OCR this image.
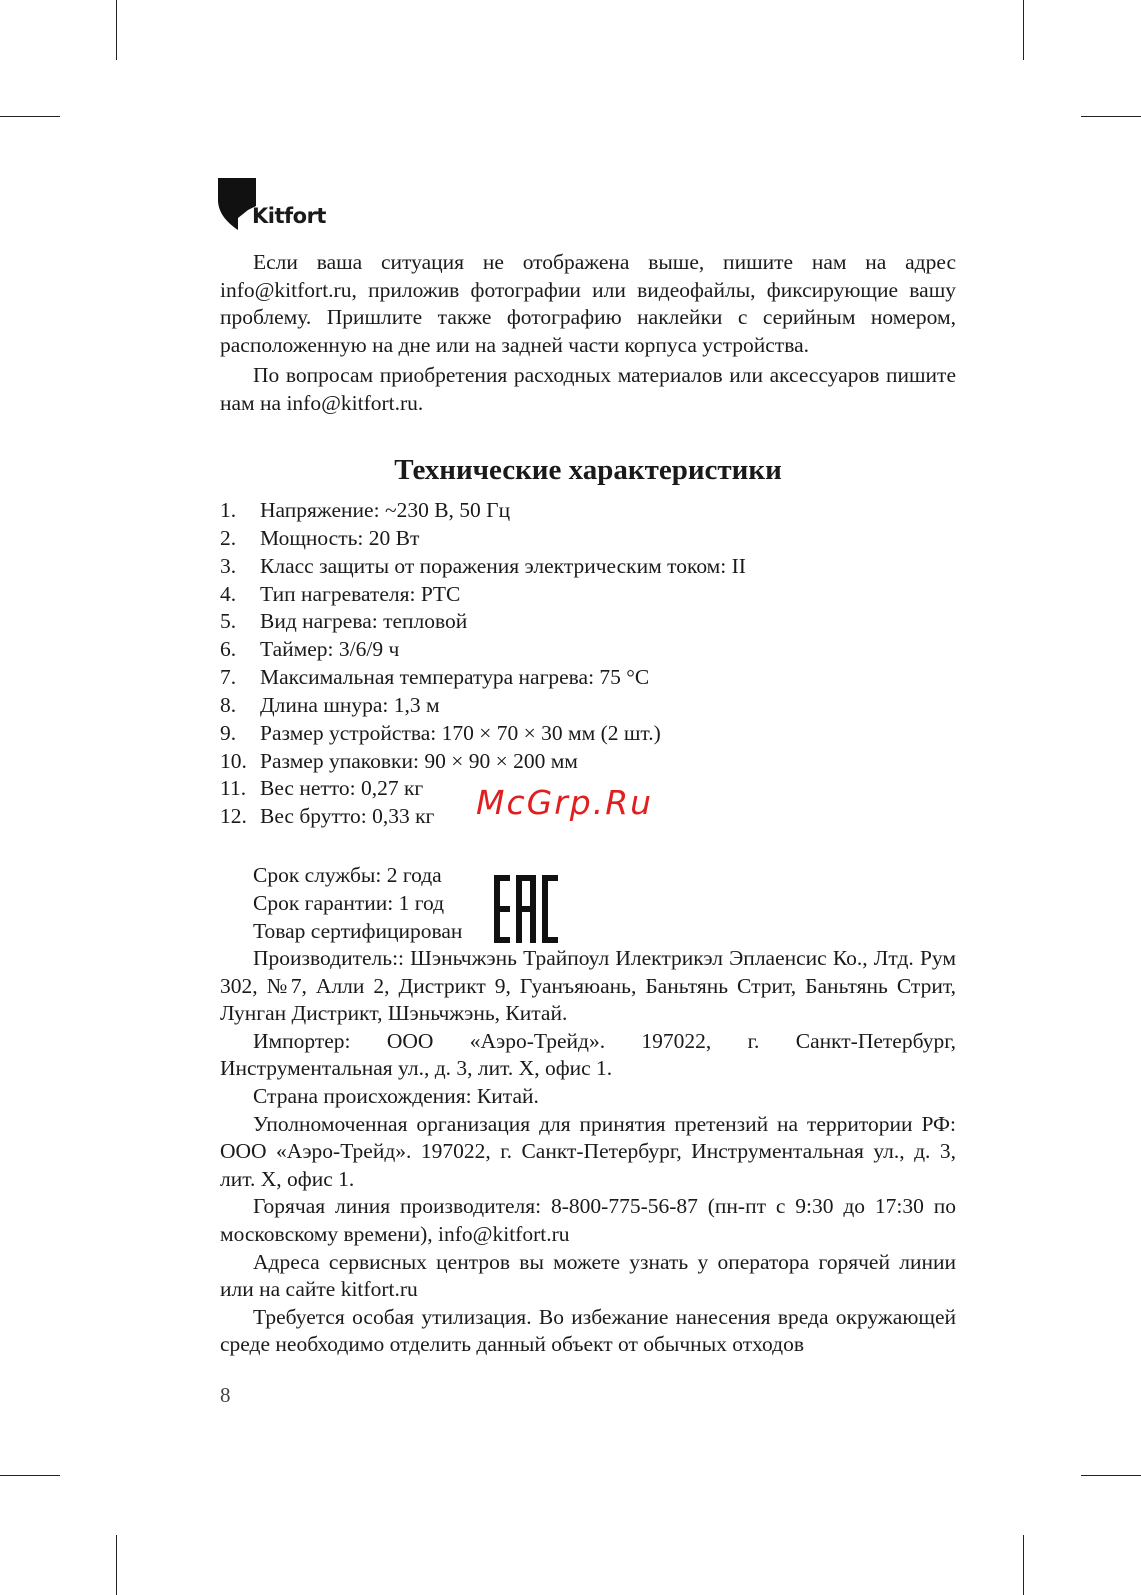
Kitfort

Если ваша ситуация не отображена выше, пишите нам на адрес info@kitfort.ru, приложив фотографии или видеофайлы, фиксирующие вашу проблему. Пришлите также фотографию наклейки с серийным номером, расположенную на дне или на задней части корпуса устройства.

По вопросам приобретения расходных материалов или аксессуаров пишите нам на info@kitfort.ru.

Технические характеристики
1. Напряжение: ~230 В, 50 Гц
2. Мощность: 20 Вт
3. Класс защиты от поражения электрическим током: II
4. Тип нагревателя: PTC
5. Вид нагрева: тепловой
6. Таймер: 3/6/9 ч
7. Максимальная температура нагрева: 75 °C
8. Длина шнура: 1,3 м
9. Размер устройства: 170 × 70 × 30 мм (2 шт.)
10. Размер упаковки: 90 × 90 × 200 мм
11. Вес нетто: 0,27 кг
12. Вес брутто: 0,33 кг	McGrp.Ru
Срок службы: 2 года
Срок гарантии: 1 год
Товар сертифицирован

Производитель:: Шэньчжэнь Трайпоул Илектрикэл Эплаенсис Ко., Лтд. Рум 302, №7, Алли 2, Дистрикт 9, Гуанъяюань, Баньтянь Стрит, Баньтянь Стрит, Лунган Дистрикт, Шэньчжэнь, Китай.

Импортер: ООО «Аэро-Трейд». 197022, г. Санкт-Петербург, Инструментальная ул., д. 3, лит. Х, офис 1.

Страна происхождения: Китай.

Уполномоченная организация для принятия претензий на территории РФ: ООО «Аэро-Трейд». 197022, г. Санкт-Петербург, Инструментальная ул., д. 3, лит. Х, офис 1.

Горячая линия производителя: 8-800-775-56-87 (пн-пт с 9:30 до 17:30 по московскому времени), info@kitfort.ru

Адреса сервисных центров вы можете узнать у оператора горячей линии или на сайте kitfort.ru

Требуется особая утилизация. Во избежание нанесения вреда окружающей среде необходимо отделить данный объект от обычных отходов

8
